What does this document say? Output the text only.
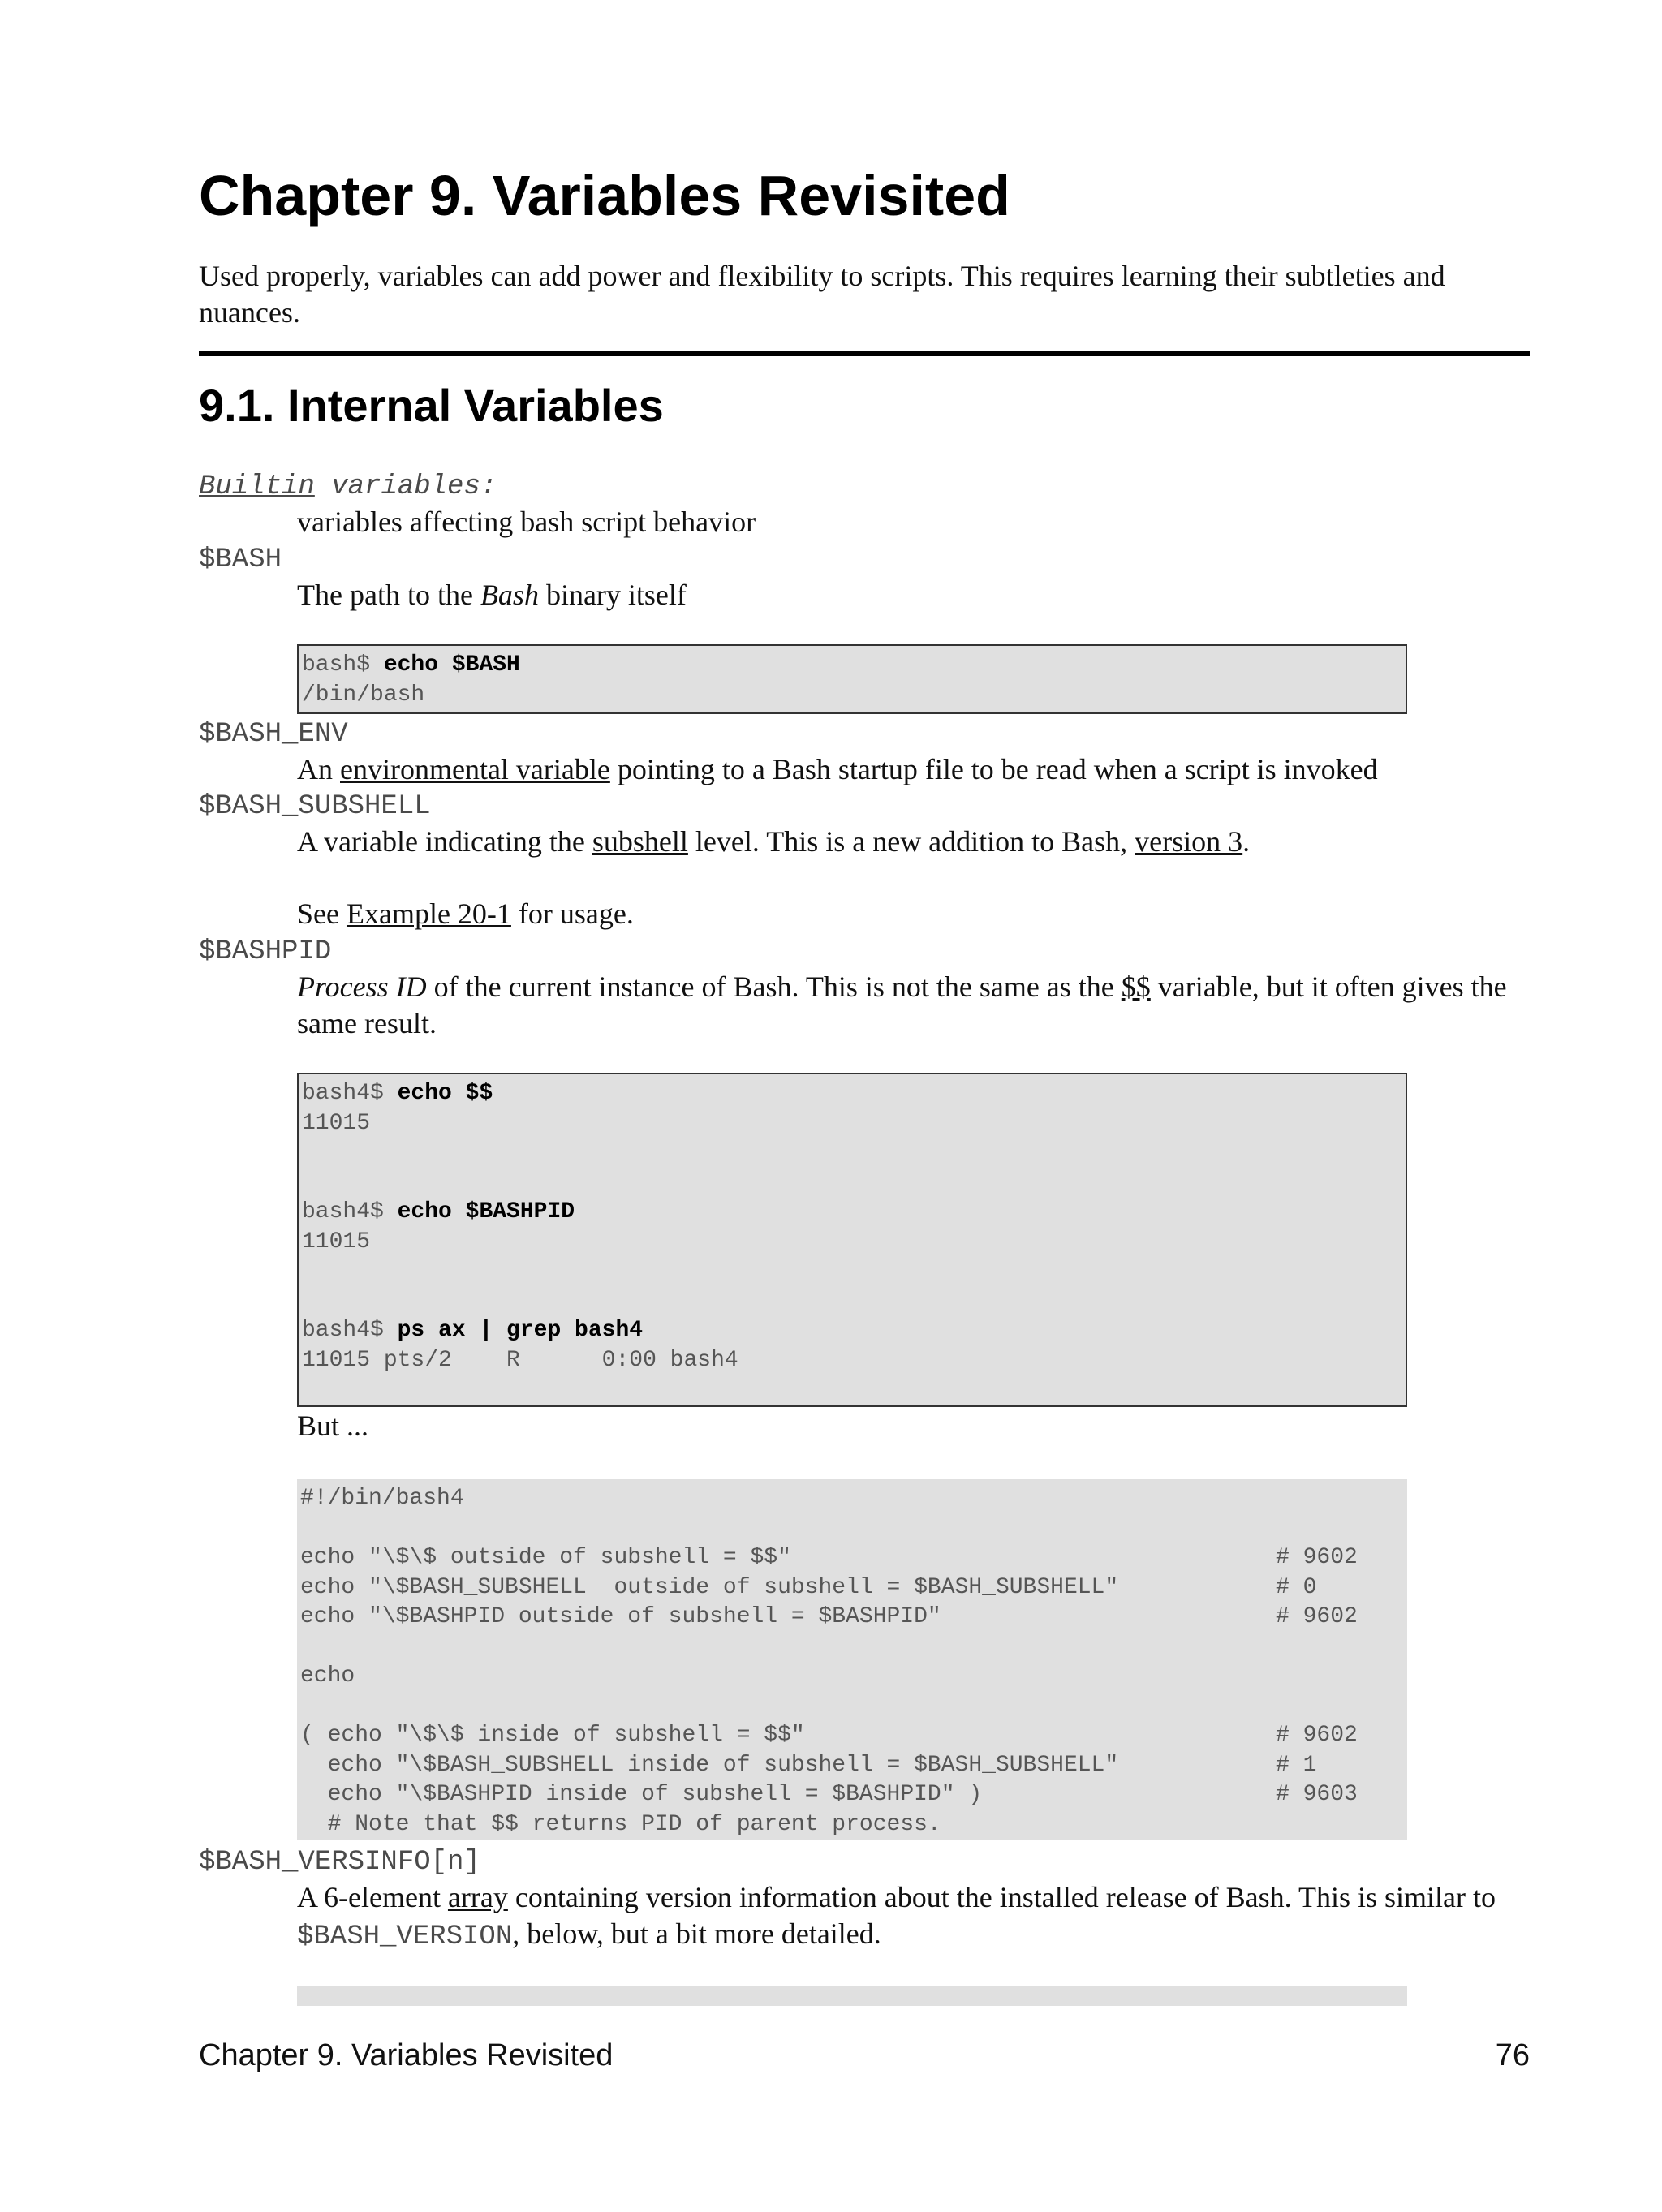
Chapter 9. Variables Revisited

Used properly, variables can add power and flexibility to scripts. This requires learning their subtleties and nuances.

9.1. Internal Variables
Builtin variables:

variables affecting bash script behavior

$BASH

The path to the Bash binary itself

bash$ echo $BASH
/bin/bash
$BASH_ENV

An environmental variable pointing to a Bash startup file to be read when a script is invoked

$BASH_SUBSHELL

A variable indicating the subshell level. This is a new addition to Bash, version 3.

See Example 20-1 for usage.

$BASHPID

Process ID of the current instance of Bash. This is not the same as the $$ variable, but it often gives the same result.

bash4$ echo $$
11015
bash4$ echo $BASHPID
11015
bash4$ ps ax | grep bash4
11015 pts/2    R      0:00 bash4

But ...

#!/bin/bash4
echo "\$\$ outside of subshell = $$"	# 9602
echo "\$BASH_SUBSHELL  outside of subshell = $BASH_SUBSHELL"	# 0
echo "\$BASHPID outside of subshell = $BASHPID"	# 9602
echo
( echo "\$\$ inside of subshell = $$"	# 9602
echo "\$BASH_SUBSHELL inside of subshell = $BASH_SUBSHELL"	# 1
echo "\$BASHPID inside of subshell = $BASHPID" )	# 9603
# Note that $$ returns PID of parent process.
$BASH_VERSINFO[n]

A 6-element array containing version information about the installed release of Bash. This is similar to $BASH_VERSION, below, but a bit more detailed.

Chapter 9. Variables Revisited	76
